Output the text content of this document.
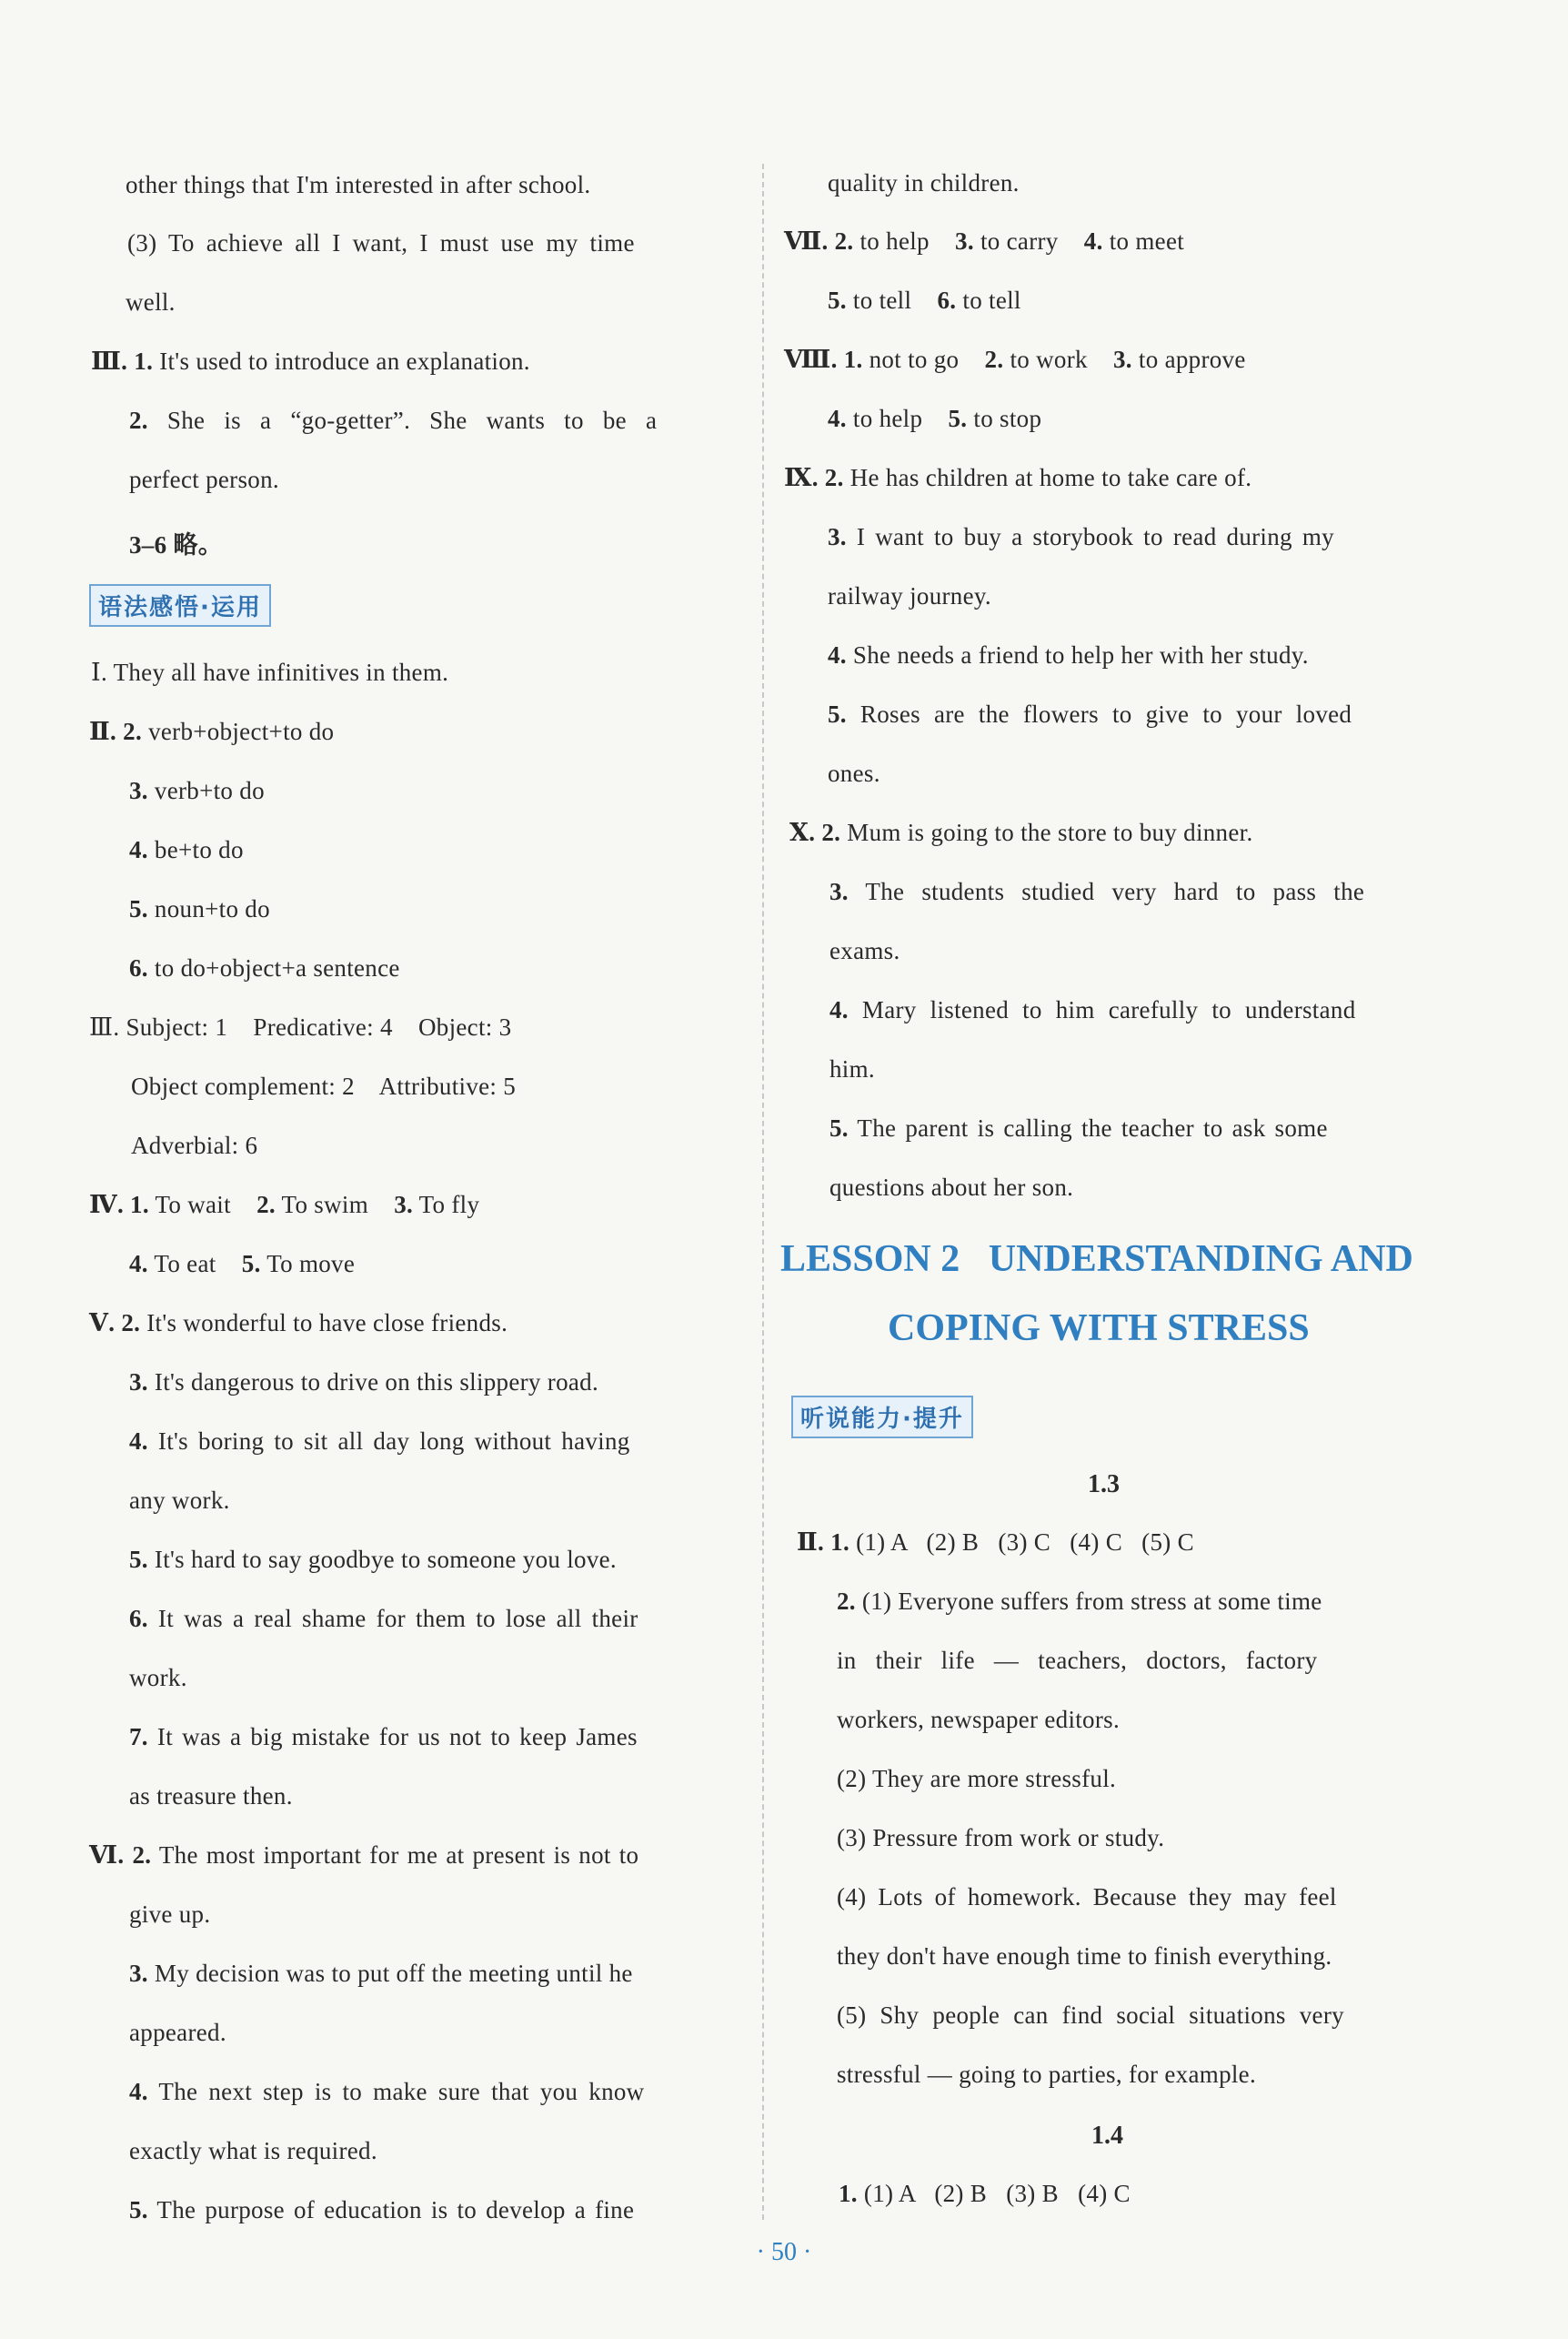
other things that I'm interested in after school.
(3) To achieve all I want, I must use my time
well.
Ⅲ. 1. It's used to introduce an explanation.
2. She is a “go-getter”. She wants to be a
perfect person.
3–6 略。
语法感悟·运用
Ⅰ. They all have infinitives in them.
Ⅱ. 2. verb+object+to do
3. verb+to do
4. be+to do
5. noun+to do
6. to do+object+a sentence
Ⅲ. Subject: 1    Predicative: 4    Object: 3
Object complement: 2    Attributive: 5
Adverbial: 6
Ⅳ. 1. To wait 2. To swim 3. To fly
4. To eat 5. To move
Ⅴ. 2. It's wonderful to have close friends.
3. It's dangerous to drive on this slippery road.
4. It's boring to sit all day long without having
any work.
5. It's hard to say goodbye to someone you love.
6. It was a real shame for them to lose all their
work.
7. It was a big mistake for us not to keep James
as treasure then.
Ⅵ. 2. The most important for me at present is not to
give up.
3. My decision was to put off the meeting until he
appeared.
4. The next step is to make sure that you know
exactly what is required.
5. The purpose of education is to develop a fine
quality in children.
Ⅶ. 2. to help 3. to carry 4. to meet
5. to tell 6. to tell
Ⅷ. 1. not to go 2. to work 3. to approve
4. to help 5. to stop
Ⅸ. 2. He has children at home to take care of.
3. I want to buy a storybook to read during my
railway journey.
4. She needs a friend to help her with her study.
5. Roses are the flowers to give to your loved
ones.
Ⅹ. 2. Mum is going to the store to buy dinner.
3. The students studied very hard to pass the
exams.
4. Mary listened to him carefully to understand
him.
5. The parent is calling the teacher to ask some
questions about her son.
LESSON 2   UNDERSTANDING AND
COPING WITH STRESS
听说能力·提升
1.3
Ⅱ. 1. (1) A   (2) B   (3) C   (4) C   (5) C
2. (1) Everyone suffers from stress at some time
in their life — teachers, doctors, factory
workers, newspaper editors.
(2) They are more stressful.
(3) Pressure from work or study.
(4) Lots of homework. Because they may feel
they don't have enough time to finish everything.
(5) Shy people can find social situations very
stressful — going to parties, for example.
1.4
1. (1) A   (2) B   (3) B   (4) C
· 50 ·
